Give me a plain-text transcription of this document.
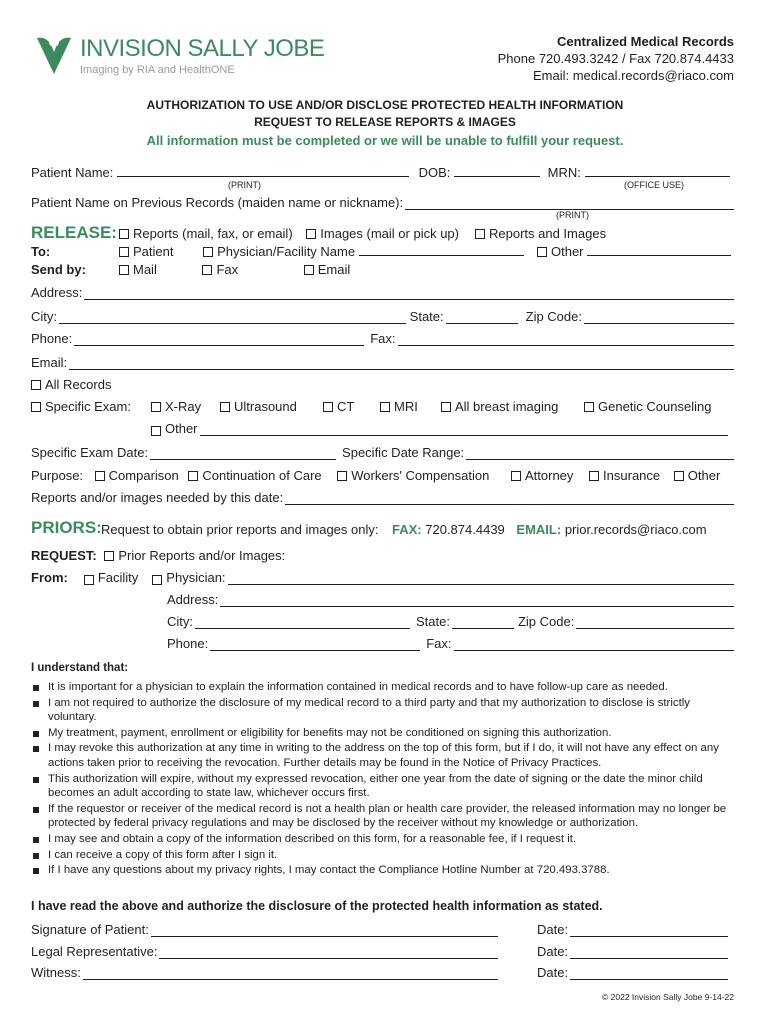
INVISION SALLY JOBE
Imaging by RIA and HealthONE
Centralized Medical Records
Phone 720.493.3242 / Fax 720.874.4433
Email: medical.records@riaco.com
AUTHORIZATION TO USE AND/OR DISCLOSE PROTECTED HEALTH INFORMATION
REQUEST TO RELEASE REPORTS & IMAGES
All information must be completed or we will be unable to fulfill your request.
Patient Name:	DOB:	MRN:
(PRINT)	(OFFICE USE)
Patient Name on Previous Records (maiden name or nickname):
(PRINT)
RELEASE:	Reports (mail, fax, or email) Images (mail or pick up)	Reports and Images
To:	Patient	Physician/Facility Name	Other
Send by:	Mail	Fax	Email
Address:
City:	State:	Zip Code:
Phone:	Fax:
Email:
All Records
Specific Exam:	X-Ray	Ultrasound	CT	MRI	All breast imaging	Genetic Counseling
Other
Specific Exam Date:	Specific Date Range:
Purpose: Comparison Continuation of Care Workers' Compensation	Attorney Insurance Other
Reports and/or images needed by this date:
PRIORS: Request to obtain prior reports and images only: FAX: 720.874.4439 EMAIL: prior.records@riaco.com
REQUEST: Prior Reports and/or Images:
From: Facility Physician:
Address:
City:	State:	Zip Code:
Phone:	Fax:
I understand that:
It is important for a physician to explain the information contained in medical records and to have follow-up care as needed.
I am not required to authorize the disclosure of my medical record to a third party and that my authorization to disclose is strictly voluntary.
My treatment, payment, enrollment or eligibility for benefits may not be conditioned on signing this authorization.
I may revoke this authorization at any time in writing to the address on the top of this form, but if I do, it will not have any effect on any actions taken prior to receiving the revocation. Further details may be found in the Notice of Privacy Practices.
This authorization will expire, without my expressed revocation, either one year from the date of signing or the date the minor child becomes an adult according to state law, whichever occurs first.
If the requestor or receiver of the medical record is not a health plan or health care provider, the released information may no longer be protected by federal privacy regulations and may be disclosed by the receiver without my knowledge or authorization.
I may see and obtain a copy of the information described on this form, for a reasonable fee, if I request it.
I can receive a copy of this form after I sign it.
If I have any questions about my privacy rights, I may contact the Compliance Hotline Number at 720.493.3788.
I have read the above and authorize the disclosure of the protected health information as stated.
Signature of Patient:	Date:
Legal Representative:	Date:
Witness:	Date:
© 2022 Invision Sally Jobe 9-14-22
